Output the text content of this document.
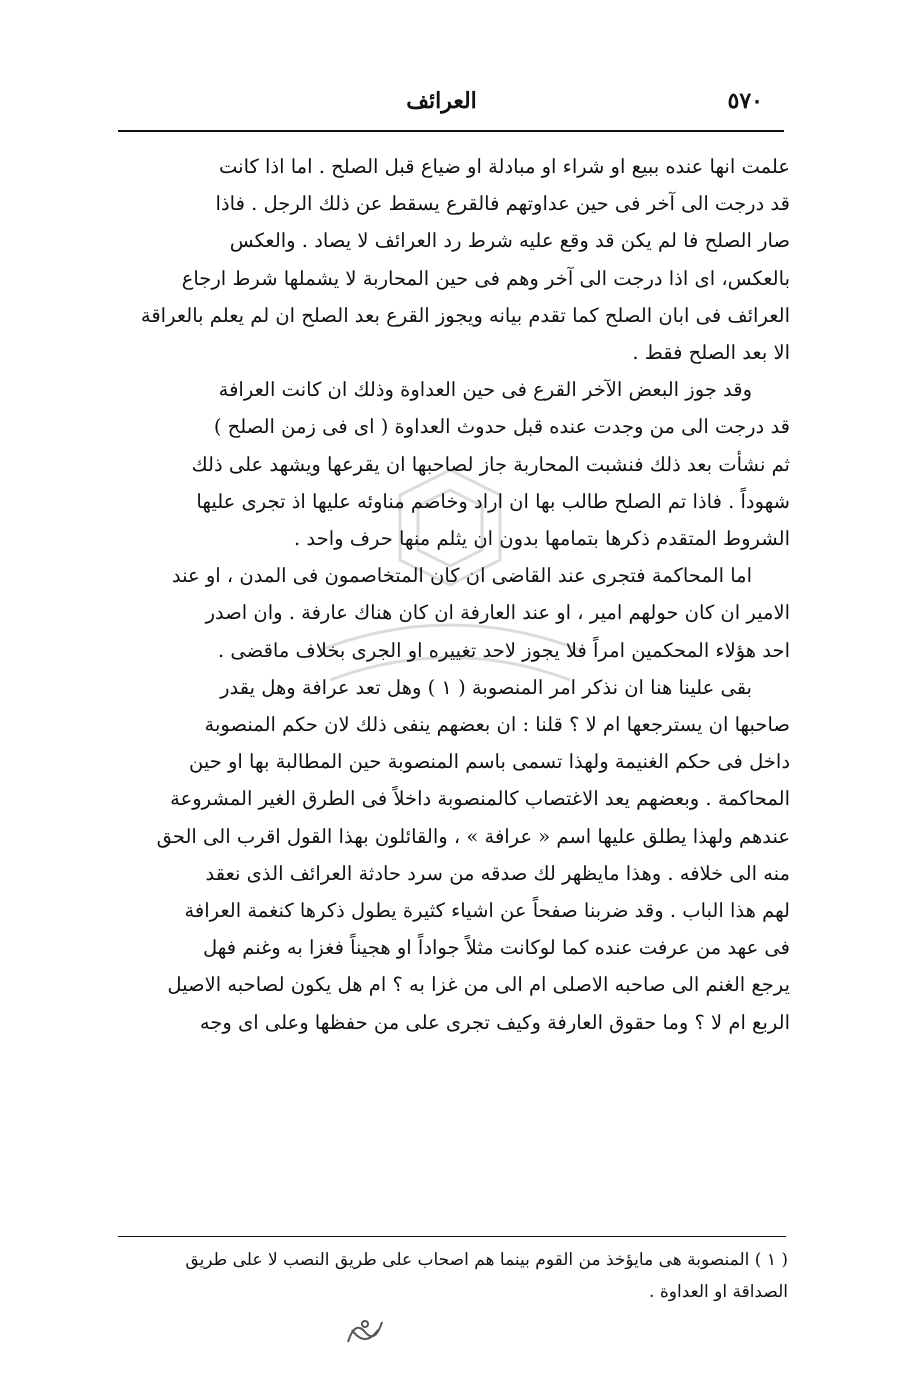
٥٧٠
العرائف

علمت انها عنده ببيع او شراء او مبادلة او ضياع قبل الصلح . اما اذا كانت
قد درجت الى آخر فى حين عداوتهم فالقرع يسقط عن ذلك الرجل . فاذا
صار الصلح فا لم يكن قد وقع عليه شرط رد العرائف لا يصاد . والعكس
بالعكس، اى اذا درجت الى آخر وهم فى حين المحاربة لا يشملها شرط ارجاع
العرائف فى ابان الصلح كما تقدم بيانه ويجوز القرع بعد الصلح ان لم يعلم بالعراقة
الا بعد الصلح فقط .

وقد جوز البعض الآخر القرع فى حين العداوة وذلك ان كانت العرافة
قد درجت الى من وجدت عنده قبل حدوث العداوة ( اى فى زمن الصلح )
ثم نشأت بعد ذلك فنشبت المحاربة جاز لصاحبها ان يقرعها ويشهد على ذلك
شهوداً . فاذا تم الصلح طالب بها ان اراد وخاصم مناوئه عليها اذ تجرى عليها
الشروط المتقدم ذكرها بتمامها بدون ان يثلم منها حرف واحد .

اما المحاكمة فتجرى عند القاضى ان كان المتخاصمون فى المدن ، او عند
الامير ان كان حولهم امير ، او عند العارفة ان كان هناك عارفة . وان اصدر
احد هؤلاء المحكمين امراً فلا يجوز لاحد تغييره او الجرى بخلاف ماقضى .

بقى علينا هنا ان نذكر امر المنصوبة ( ١ ) وهل تعد عرافة وهل يقدر
صاحبها ان يسترجعها ام لا ؟ قلنا : ان بعضهم ينفى ذلك لان حكم المنصوبة
داخل فى حكم الغنيمة ولهذا تسمى باسم المنصوبة حين المطالبة بها او حين
المحاكمة . وبعضهم يعد الاغتصاب كالمنصوبة داخلاً فى الطرق الغير المشروعة
عندهم ولهذا يطلق عليها اسم « عرافة » ، والقائلون بهذا القول اقرب الى الحق
منه الى خلافه . وهذا مايظهر لك صدقه من سرد حادثة العرائف الذى نعقد
لهم هذا الباب . وقد ضربنا صفحاً عن اشياء كثيرة يطول ذكرها كنغمة العرافة
فى عهد من عرفت عنده كما لوكانت مثلاً جواداً او هجيناً فغزا به وغنم فهل
يرجع الغنم الى صاحبه الاصلى ام الى من غزا به ؟ ام هل يكون لصاحبه الاصيل
الربع ام لا ؟ وما حقوق العارفة وكيف تجرى على من حفظها وعلى اى وجه

( ١ ) المنصوبة هى مايؤخذ من القوم بينما هم اصحاب على طريق النصب لا على طريق
الصداقة او العداوة .
